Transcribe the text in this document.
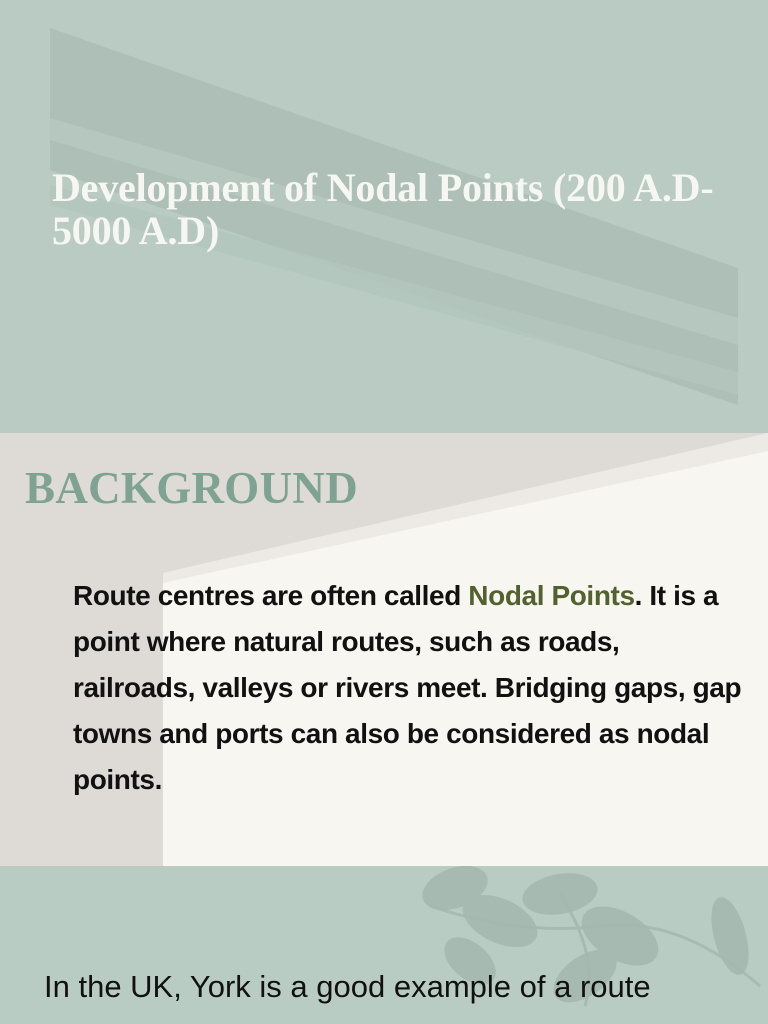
Development of Nodal Points (200 A.D-5000 A.D)
BACKGROUND

Route centres are often called Nodal Points. It is a point where natural routes, such as roads, railroads, valleys or rivers meet. Bridging gaps, gap towns and ports can also be considered as nodal points.

In the UK, York is a good example of a route
